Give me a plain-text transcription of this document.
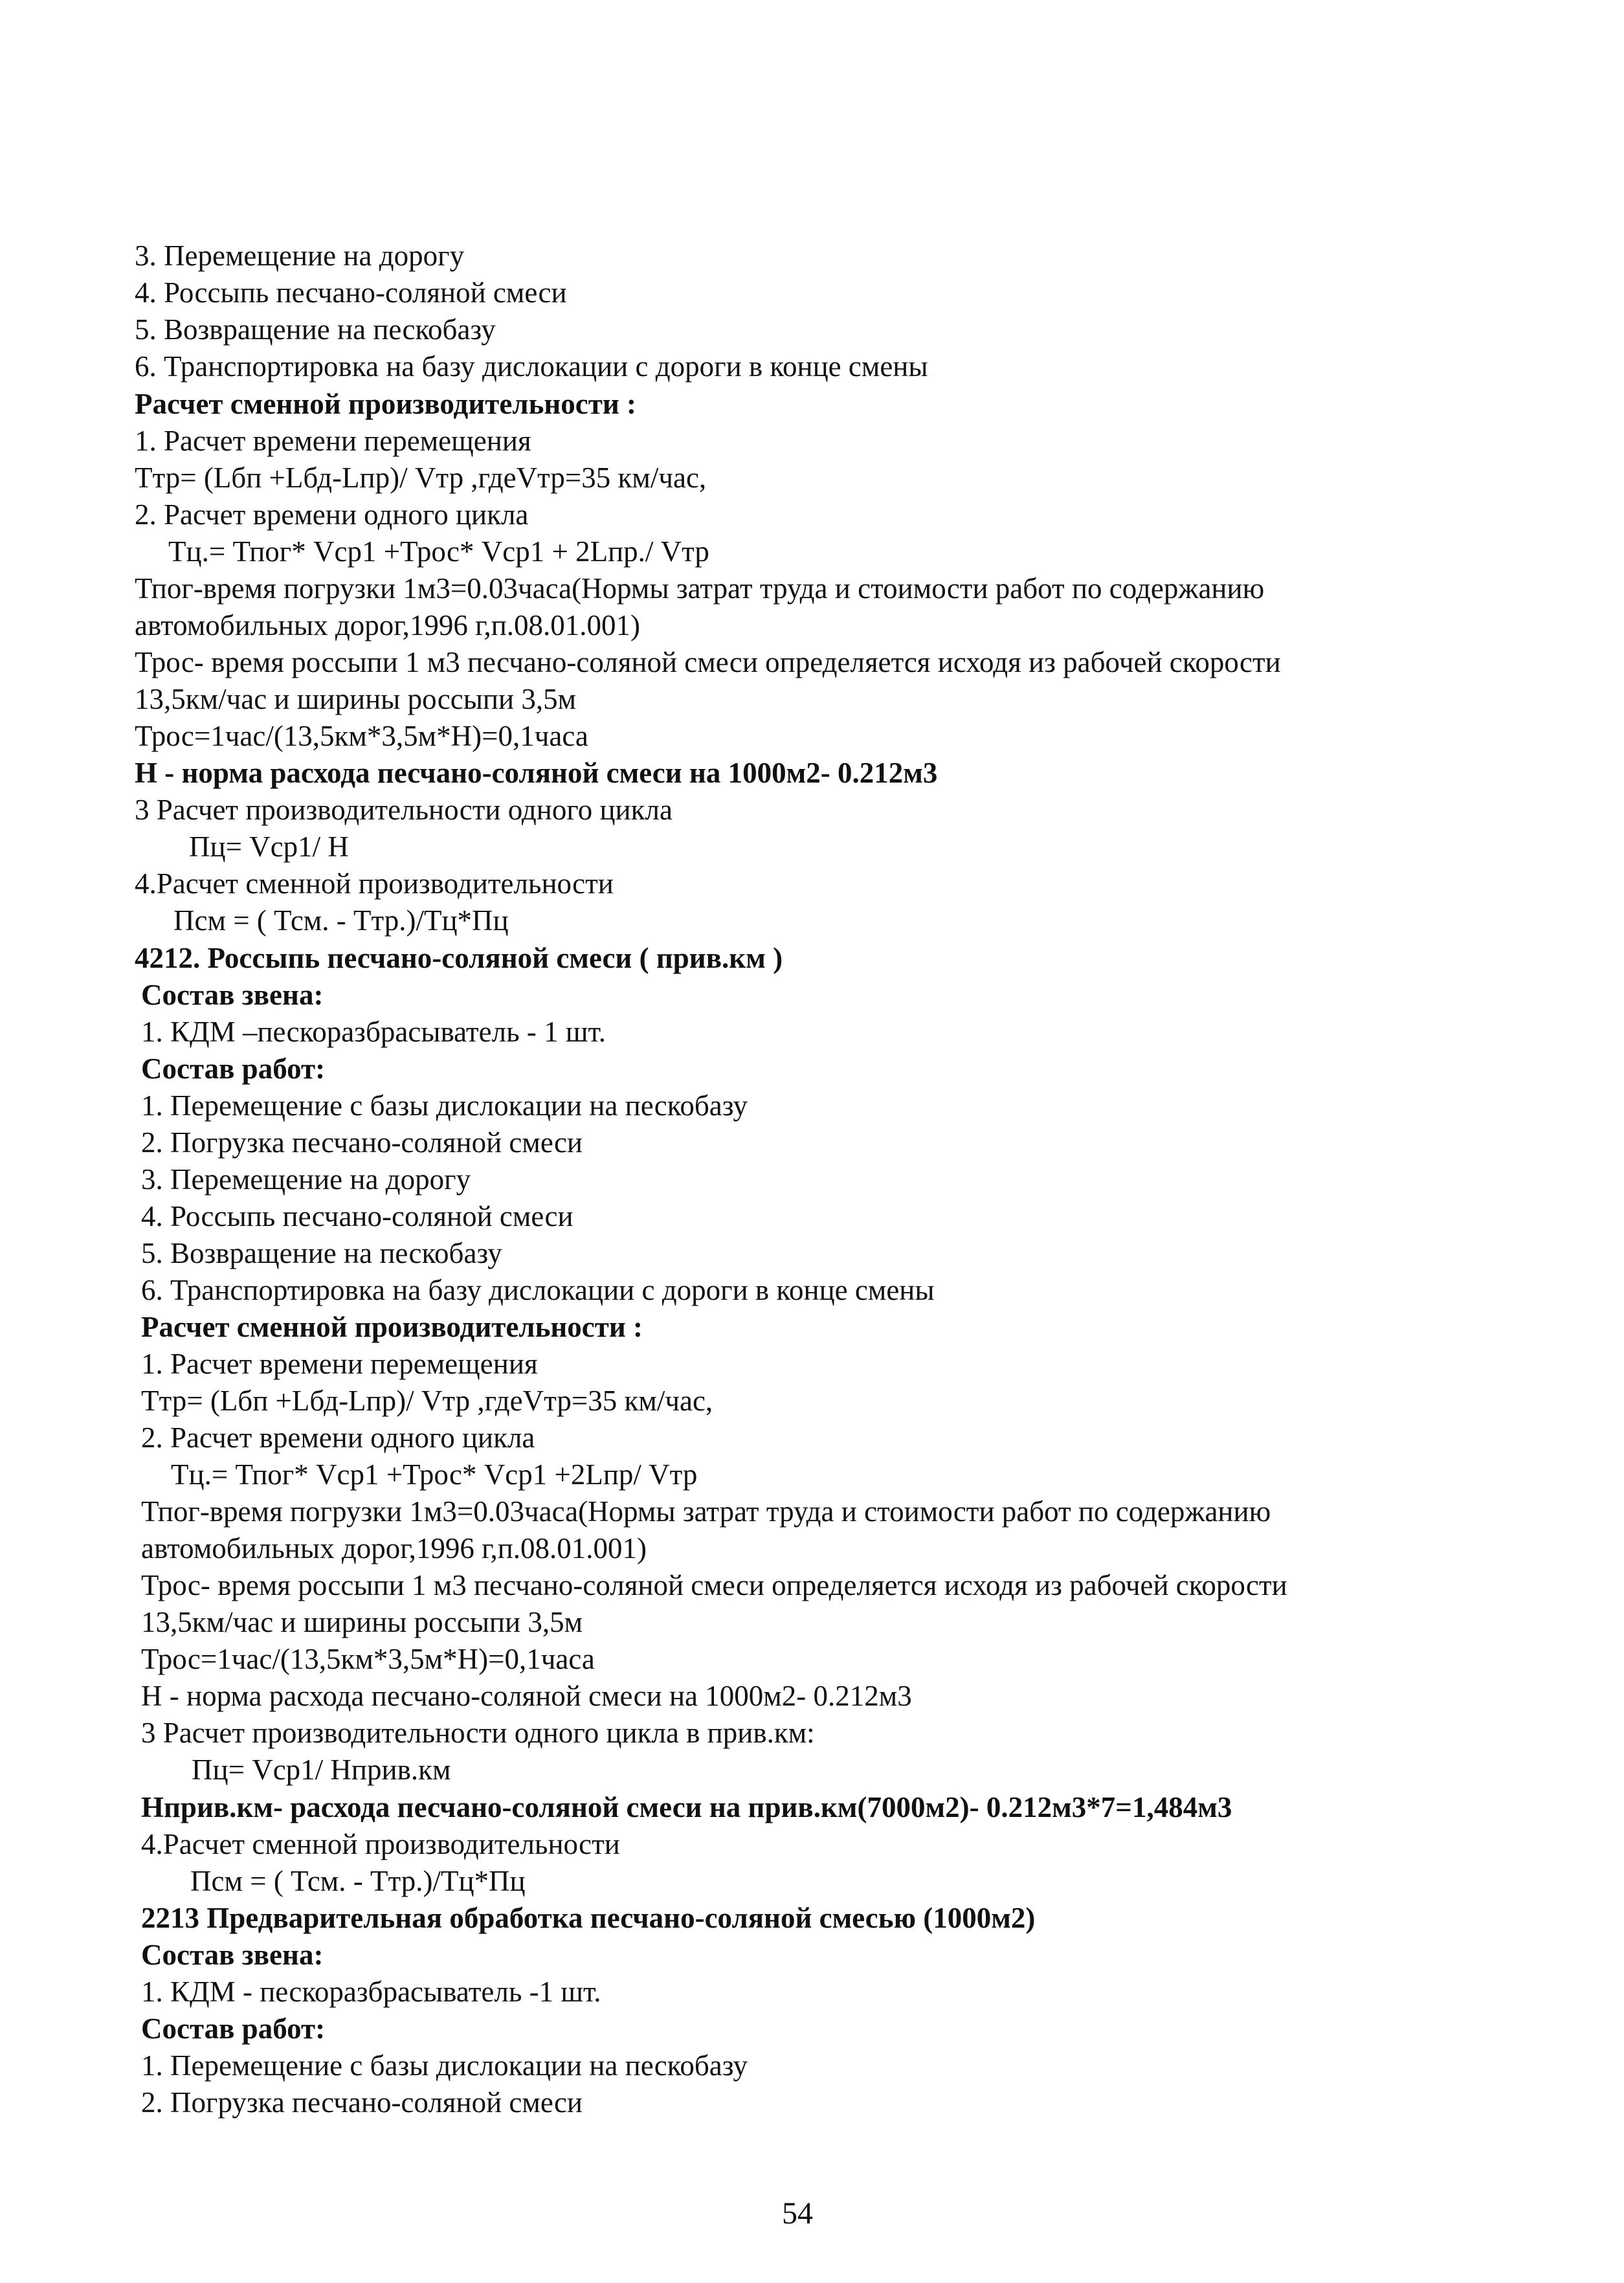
3. Перемещение на дорогу
4. Россыпь песчано-соляной смеси
5. Возвращение на пескобазу
6. Транспортировка на базу дислокации с дороги в конце смены
Расчет сменной производительности :
1. Расчет времени перемещения
Ттр= (Lбп +Lбд-Lпр)/ Vтр ,гдеVтр=35 км/час,
2. Расчет времени одного цикла
Тц.= Тпог* Vср1 +Трос* Vср1 + 2Lпр./ Vтр
Тпог-время погрузки 1м3=0.03часа(Нормы затрат труда и стоимости работ по содержанию
автомобильных дорог,1996 г,п.08.01.001)
Трос- время россыпи 1 м3 песчано-соляной смеси определяется исходя из рабочей скорости
13,5км/час и ширины россыпи 3,5м
Трос=1час/(13,5км*3,5м*Н)=0,1часа
Н - норма расхода песчано-соляной смеси на 1000м2- 0.212м3
3 Расчет производительности одного цикла
Пц= Vср1/ Н
4.Расчет сменной производительности
Псм = ( Тсм. - Ттр.)/Тц*Пц
4212. Россыпь песчано-соляной смеси ( прив.км )
Состав звена:
1. КДМ –пескоразбрасыватель - 1 шт.
Состав работ:
1. Перемещение с базы дислокации на пескобазу
2. Погрузка песчано-соляной смеси
3. Перемещение на дорогу
4. Россыпь песчано-соляной смеси
5. Возвращение на пескобазу
6. Транспортировка на базу дислокации с дороги в конце смены
Расчет сменной производительности :
1. Расчет времени перемещения
Ттр= (Lбп +Lбд-Lпр)/ Vтр ,гдеVтр=35 км/час,
2. Расчет времени одного цикла
Тц.= Тпог* Vср1 +Трос* Vср1 +2Lпр/ Vтр
Тпог-время погрузки 1м3=0.03часа(Нормы затрат труда и стоимости работ по содержанию
автомобильных дорог,1996 г,п.08.01.001)
Трос- время россыпи 1 м3 песчано-соляной смеси определяется исходя из рабочей скорости
13,5км/час и ширины россыпи 3,5м
Трос=1час/(13,5км*3,5м*Н)=0,1часа
Н - норма расхода песчано-соляной смеси на 1000м2- 0.212м3
3 Расчет производительности одного цикла в прив.км:
Пц= Vср1/ Нприв.км
Нприв.км- расхода песчано-соляной смеси на прив.км(7000м2)- 0.212м3*7=1,484м3
4.Расчет сменной производительности
Псм = ( Тсм. - Ттр.)/Тц*Пц
2213 Предварительная обработка песчано-соляной смесью (1000м2)
Состав звена:
1. КДМ - пескоразбрасыватель -1 шт.
Состав работ:
1. Перемещение с базы дислокации на пескобазу
2. Погрузка песчано-соляной смеси
54
